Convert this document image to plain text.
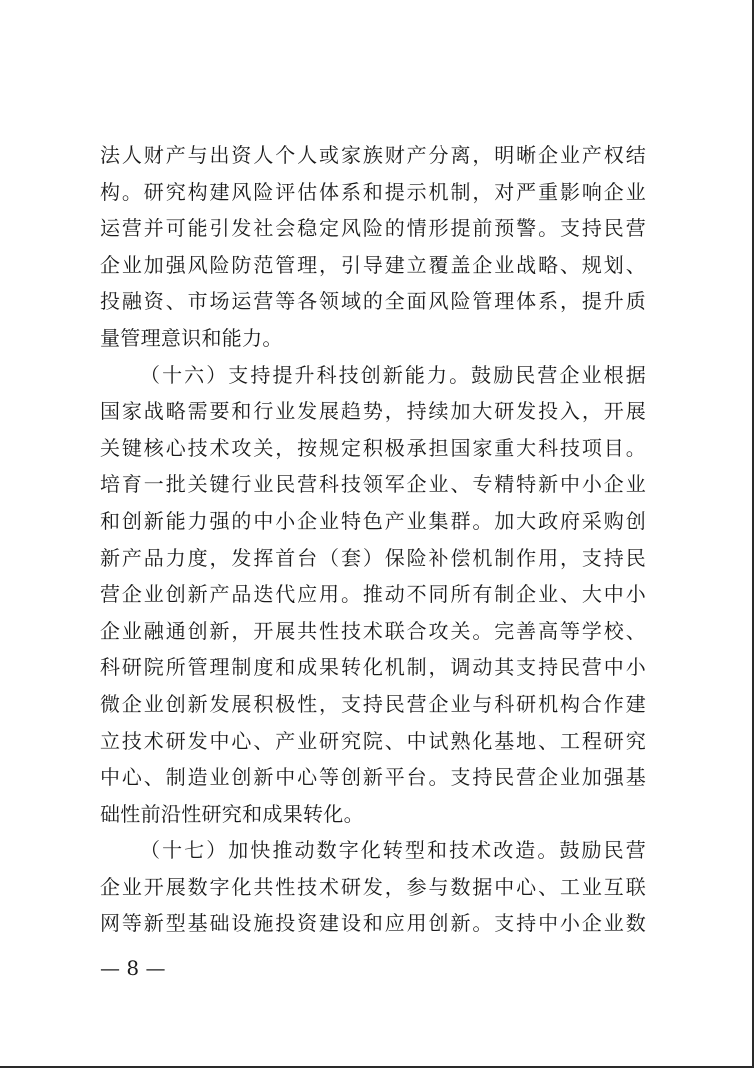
法人财产与出资人个人或家族财产分离，明晰企业产权结
构。研究构建风险评估体系和提示机制，对严重影响企业
运营并可能引发社会稳定风险的情形提前预警。支持民营
企业加强风险防范管理，引导建立覆盖企业战略、规划、
投融资、市场运营等各领域的全面风险管理体系，提升质
量管理意识和能力。
（十六）支持提升科技创新能力。鼓励民营企业根据
国家战略需要和行业发展趋势，持续加大研发投入，开展
关键核心技术攻关，按规定积极承担国家重大科技项目。
培育一批关键行业民营科技领军企业、专精特新中小企业
和创新能力强的中小企业特色产业集群。加大政府采购创
新产品力度，发挥首台（套）保险补偿机制作用，支持民
营企业创新产品迭代应用。推动不同所有制企业、大中小
企业融通创新，开展共性技术联合攻关。完善高等学校、
科研院所管理制度和成果转化机制，调动其支持民营中小
微企业创新发展积极性，支持民营企业与科研机构合作建
立技术研发中心、产业研究院、中试熟化基地、工程研究
中心、制造业创新中心等创新平台。支持民营企业加强基
础性前沿性研究和成果转化。
（十七）加快推动数字化转型和技术改造。鼓励民营
企业开展数字化共性技术研发，参与数据中心、工业互联
网等新型基础设施投资建设和应用创新。支持中小企业数
— 8 —
